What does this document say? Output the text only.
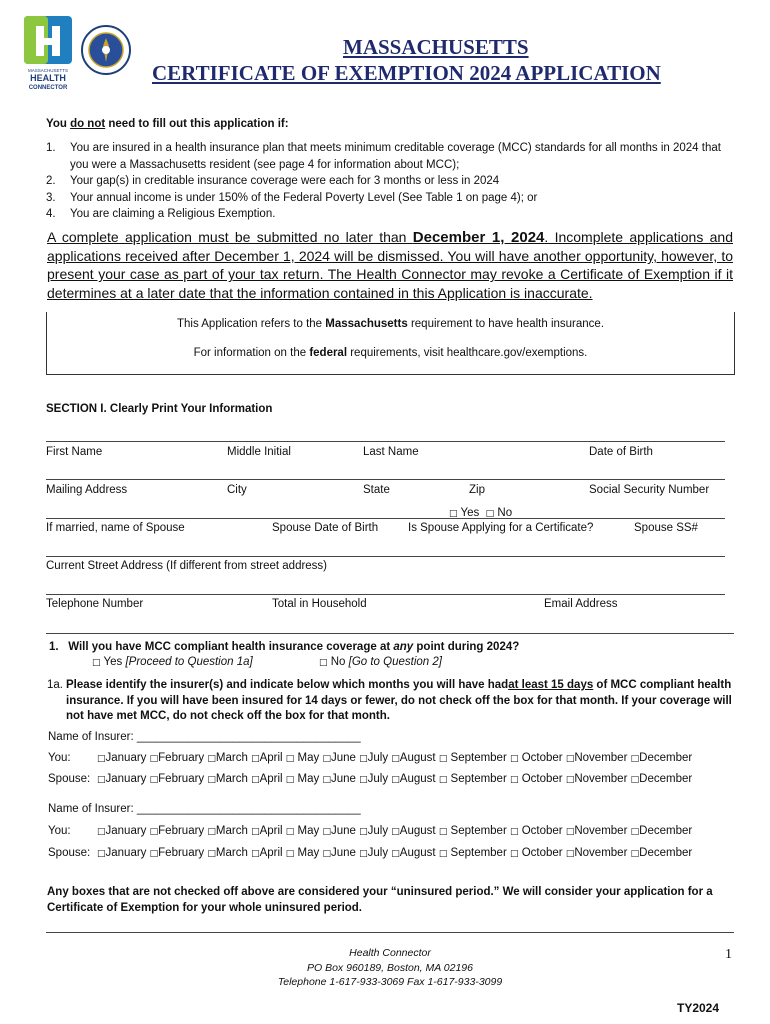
MASSACHUSETTS
HEALTH
CONNECTOR
MASSACHUSETTS
CERTIFICATE OF EXEMPTION 2024 APPLICATION
You do not need to fill out this application if:
1. You are insured in a health insurance plan that meets minimum creditable coverage (MCC) standards for all months in 2024 that you were a Massachusetts resident (see page 4 for information about MCC);
2. Your gap(s) in creditable insurance coverage were each for 3 months or less in 2024
3. Your annual income is under 150% of the Federal Poverty Level (See Table 1 on page 4); or
4. You are claiming a Religious Exemption.
A complete application must be submitted no later than December 1, 2024. Incomplete applications and applications received after December 1, 2024 will be dismissed. You will have another opportunity, however, to present your case as part of your tax return. The Health Connector may revoke a Certificate of Exemption if it determines at a later date that the information contained in this Application is inaccurate.
This Application refers to the Massachusetts requirement to have health insurance.
For information on the federal requirements, visit healthcare.gov/exemptions.
SECTION I. Clearly Print Your Information
First Name	Middle Initial	Last Name	Date of Birth
Mailing Address	City	State	Zip	Social Security Number
□ Yes □ No
If married, name of Spouse	Spouse Date of Birth	Is Spouse Applying for a Certificate?	Spouse SS#
Current Street Address (If different from street address)
Telephone Number	Total in Household	Email Address
1. Will you have MCC compliant health insurance coverage at any point during 2024?
□ Yes [Proceed to Question 1a]	□ No [Go to Question 2]
1a. Please identify the insurer(s) and indicate below which months you will have hadat least 15 days of MCC compliant health insurance. If you will have been insured for 14 days or fewer, do not check off the box for that month. If your coverage will not have met MCC, do not check off the box for that month.
Name of Insurer: ___________________________________
You:	□January □February □March □April □ May □June □July □August □ September □ October □November □December
Spouse: □January □February □March □April □ May □June □July □August □ September □ October □November □December
Name of Insurer: ___________________________________
You:	□January □February □March □April □ May □June □July □August □ September □ October □November □December
Spouse: □January □February □March □April □ May □June □July □August □ September □ October □November □December
Any boxes that are not checked off above are considered your “uninsured period.” We will consider your application for a Certificate of Exemption for your whole uninsured period.
Health Connector
PO Box 960189, Boston, MA 02196
Telephone 1-617-933-3069 Fax 1-617-933-3099
1
TY2024
